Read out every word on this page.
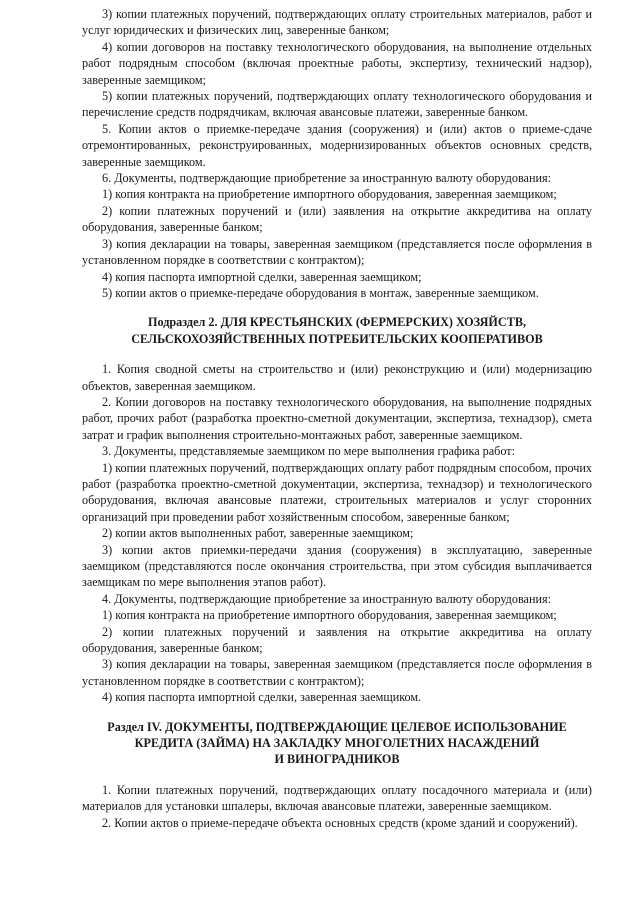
3) копии платежных поручений, подтверждающих оплату строительных материалов, работ и услуг юридических и физических лиц, заверенные банком;

4) копии договоров на поставку технологического оборудования, на выполнение отдельных работ подрядным способом (включая проектные работы, экспертизу, технический надзор), заверенные заемщиком;

5) копии платежных поручений, подтверждающих оплату технологического оборудования и перечисление средств подрядчикам, включая авансовые платежи, заверенные банком.

5. Копии актов о приемке-передаче здания (сооружения) и (или) актов о приеме-сдаче отремонтированных, реконструированных, модернизированных объектов основных средств, заверенные заемщиком.

6. Документы, подтверждающие приобретение за иностранную валюту оборудования:

1) копия контракта на приобретение импортного оборудования, заверенная заемщиком;

2) копии платежных поручений и (или) заявления на открытие аккредитива на оплату оборудования, заверенные банком;

3) копия декларации на товары, заверенная заемщиком (представляется после оформления в установленном порядке в соответствии с контрактом);

4) копия паспорта импортной сделки, заверенная заемщиком;

5) копии актов о приемке-передаче оборудования в монтаж, заверенные заемщиком.

Подраздел 2. ДЛЯ КРЕСТЬЯНСКИХ (ФЕРМЕРСКИХ) ХОЗЯЙСТВ,
СЕЛЬСКОХОЗЯЙСТВЕННЫХ ПОТРЕБИТЕЛЬСКИХ КООПЕРАТИВОВ

1. Копия сводной сметы на строительство и (или) реконструкцию и (или) модернизацию объектов, заверенная заемщиком.

2. Копии договоров на поставку технологического оборудования, на выполнение подрядных работ, прочих работ (разработка проектно-сметной документации, экспертиза, технадзор), смета затрат и график выполнения строительно-монтажных работ, заверенные заемщиком.

3. Документы, представляемые заемщиком по мере выполнения графика работ:

1) копии платежных поручений, подтверждающих оплату работ подрядным способом, прочих работ (разработка проектно-сметной документации, экспертиза, технадзор) и технологического оборудования, включая авансовые платежи, строительных материалов и услуг сторонних организаций при проведении работ хозяйственным способом, заверенные банком;

2) копии актов выполненных работ, заверенные заемщиком;

3) копии актов приемки-передачи здания (сооружения) в эксплуатацию, заверенные заемщиком (представляются после окончания строительства, при этом субсидия выплачивается заемщикам по мере выполнения этапов работ).

4. Документы, подтверждающие приобретение за иностранную валюту оборудования:

1) копия контракта на приобретение импортного оборудования, заверенная заемщиком;

2) копии платежных поручений и заявления на открытие аккредитива на оплату оборудования, заверенные банком;

3) копия декларации на товары, заверенная заемщиком (представляется после оформления в установленном порядке в соответствии с контрактом);

4) копия паспорта импортной сделки, заверенная заемщиком.

Раздел IV. ДОКУМЕНТЫ, ПОДТВЕРЖДАЮЩИЕ ЦЕЛЕВОЕ ИСПОЛЬЗОВАНИЕ
КРЕДИТА (ЗАЙМА) НА ЗАКЛАДКУ МНОГОЛЕТНИХ НАСАЖДЕНИЙ
И ВИНОГРАДНИКОВ

1. Копии платежных поручений, подтверждающих оплату посадочного материала и (или) материалов для установки шпалеры, включая авансовые платежи, заверенные заемщиком.

2. Копии актов о приеме-передаче объекта основных средств (кроме зданий и сооружений).
